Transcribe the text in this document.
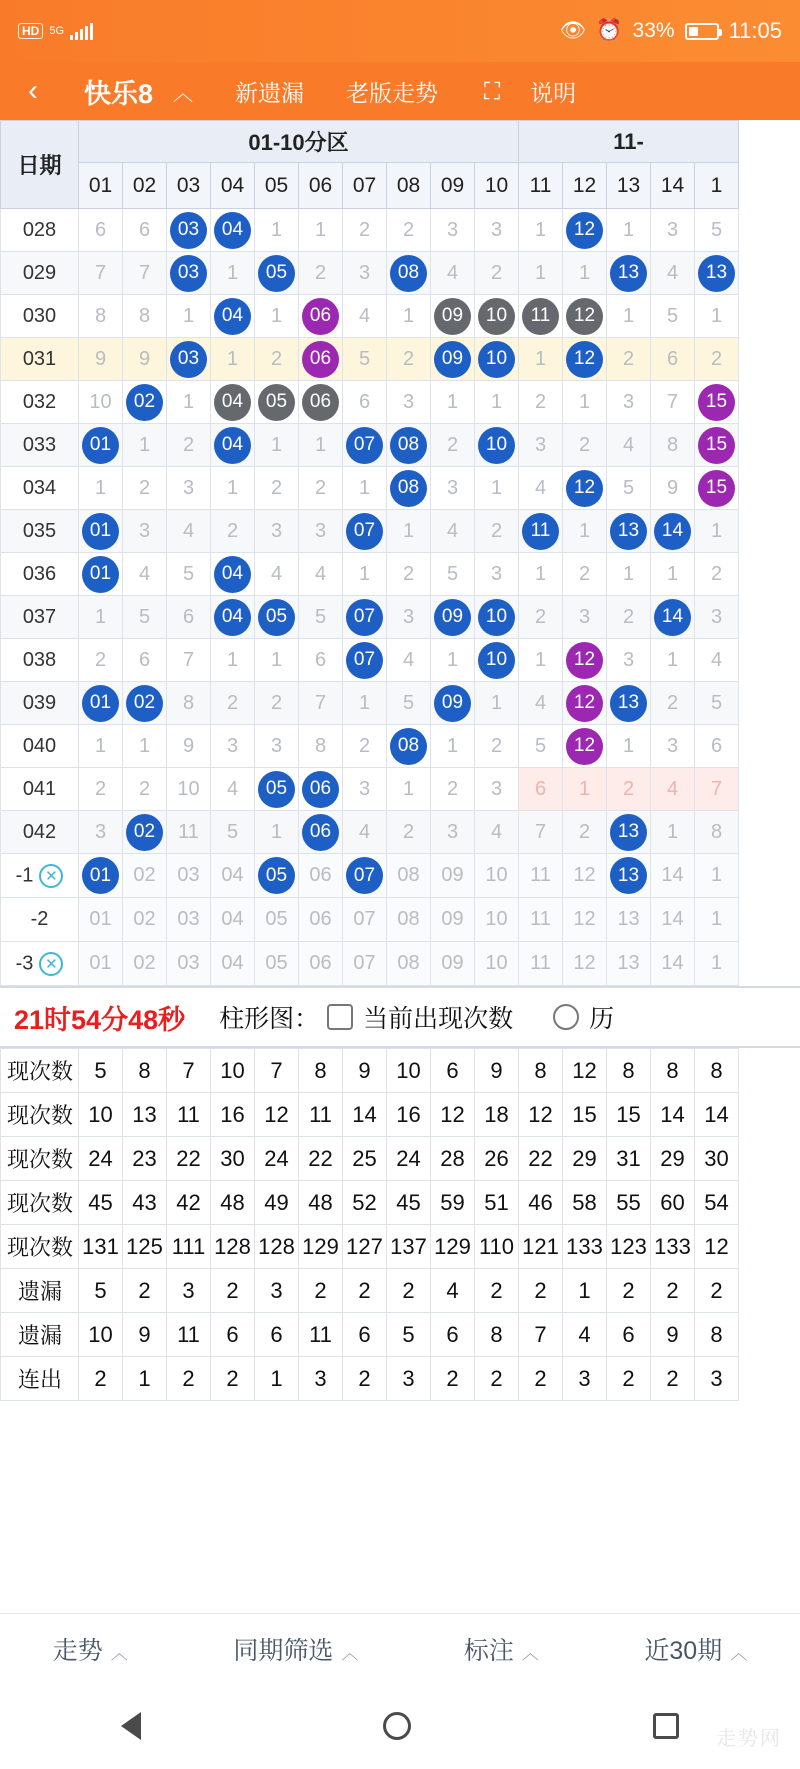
HD 5G	👁 ⏰ 33% 11:05
‹	快乐8 ︿ 新遗漏 老版走势 ⛶ 说明
日期	01-10分区										11-				
	01	02	03	04	05	06	07	08	09	10	11	12	13	14	1
028	6	6	03	04	1	1	2	2	3	3	1	12	1	3	5
029	7	7	03	1	05	2	3	08	4	2	1	1	13	4	13
030	8	8	1	04	1	06	4	1	09	10	11	12	1	5	1
031	9	9	03	1	2	06	5	2	09	10	1	12	2	6	2
032	10	02	1	04	05	06	6	3	1	1	2	1	3	7	15
033	01	1	2	04	1	1	07	08	2	10	3	2	4	8	15
034	1	2	3	1	2	2	1	08	3	1	4	12	5	9	15
035	01	3	4	2	3	3	07	1	4	2	11	1	13	14	1
036	01	4	5	04	4	4	1	2	5	3	1	2	1	1	2
037	1	5	6	04	05	5	07	3	09	10	2	3	2	14	3
038	2	6	7	1	1	6	07	4	1	10	1	12	3	1	4
039	01	02	8	2	2	7	1	5	09	1	4	12	13	2	5
040	1	1	9	3	3	8	2	08	1	2	5	12	1	3	6
041	2	2	10	4	05	06	3	1	2	3	6	1	2	4	7
042	3	02	11	5	1	06	4	2	3	4	7	2	13	1	8
-1 ✕	01	02	03	04	05	06	07	08	09	10	11	12	13	14	1
-2	01	02	03	04	05	06	07	08	09	10	11	12	13	14	1
-3 ✕	01	02	03	04	05	06	07	08	09	10	11	12	13	14	1
21时54分48秒 柱形图： 当前出现次数	历
现次数	5	8	7	10	7	8	9	10	6	9	8	12	8	8	8
现次数	10	13	11	16	12	11	14	16	12	18	12	15	15	14	14
现次数	24	23	22	30	24	22	25	24	28	26	22	29	31	29	30
现次数	45	43	42	48	49	48	52	45	59	51	46	58	55	60	54
现次数	131	125	111	128	128	129	127	137	129	110	121	133	123	133	12
遗漏	5	2	3	2	3	2	2	2	4	2	2	1	2	2	2
遗漏	10	9	11	6	6	11	6	5	6	8	7	4	6	9	8
连出	2	1	2	2	1	3	2	3	2	2	2	3	2	2	3
走势 ︿	同期筛选 ︿	标注 ︿	近30期 ︿
走势网
